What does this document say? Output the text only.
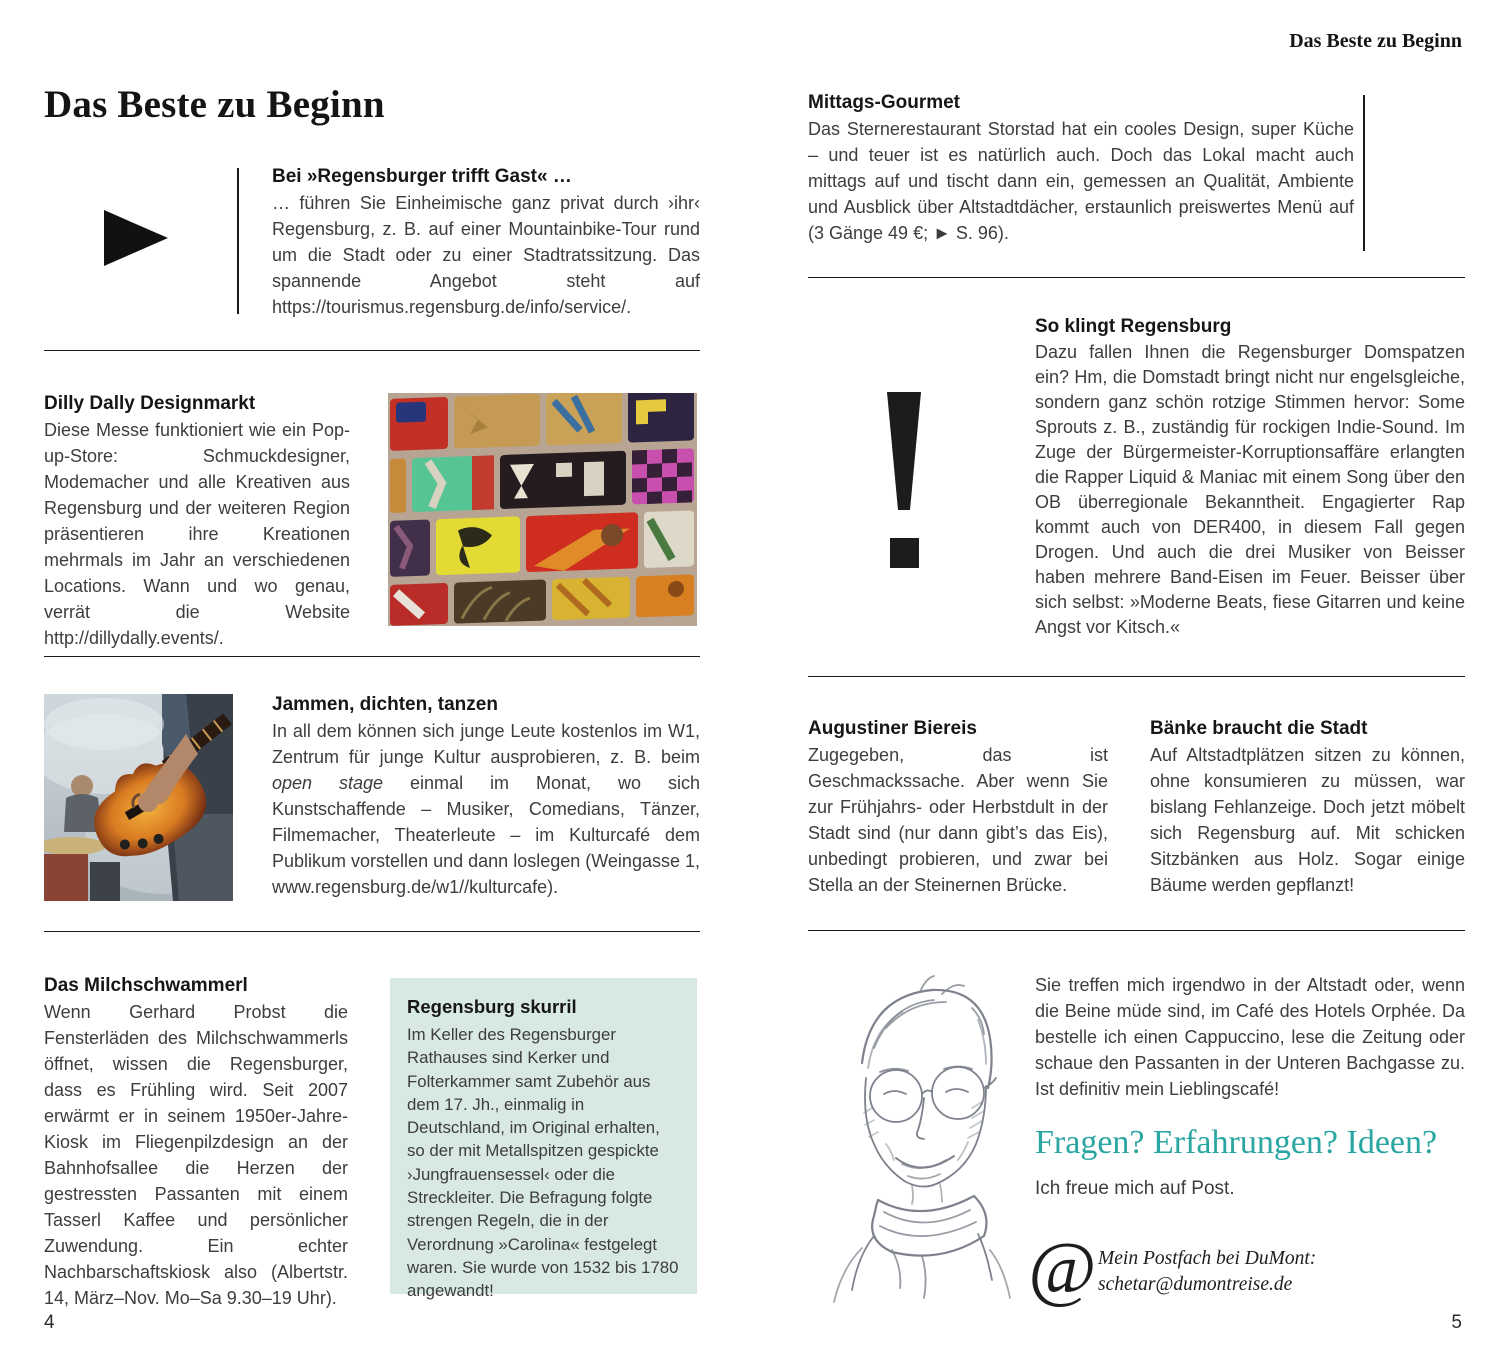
Das Beste zu Beginn
Bei »Regensburger trifft Gast« …

… führen Sie Einheimische ganz privat durch ›ihr‹ Regensburg, z. B. auf einer Mountainbike-Tour rund um die Stadt oder zu einer Stadtratssitzung. Das spannende Angebot steht auf https://tourismus.regensburg.de/info/service/.

Dilly Dally Designmarkt

Diese Messe funktioniert wie ein Pop-up-Store: Schmuckdesigner, Modemacher und alle Kreativen aus Regensburg und der weiteren Region präsentieren ihre Kreationen mehrmals im Jahr an verschiedenen Locations. Wann und wo genau, verrät die Website http://dillydally.events/.

Jammen, dichten, tanzen

In all dem können sich junge Leute kostenlos im W1, Zentrum für junge Kultur ausprobieren, z. B. beim open stage einmal im Monat, wo sich Kunstschaffende – Musiker, Comedians, Tänzer, Filmemacher, Theaterleute – im Kulturcafé dem Publikum vorstellen und dann loslegen (Weingasse 1, www.regensburg.de/w1//kulturcafe).

Das Milchschwammerl

Wenn Gerhard Probst die Fensterläden des Milchschwammerls öffnet, wissen die Regensburger, dass es Frühling wird. Seit 2007 erwärmt er in seinem 1950er-Jahre-Kiosk im Fliegenpilzdesign an der Bahnhofsallee die Herzen der gestressten Passanten mit einem Tasserl Kaffee und persönlicher Zuwendung. Ein echter Nachbarschaftskiosk also (Albertstr. 14, März–Nov. Mo–Sa 9.30–19 Uhr).

Regensburg skurril

Im Keller des Regensburger Rathauses sind Kerker und Folterkammer samt Zubehör aus dem 17. Jh., einmalig in Deutschland, im Original erhalten, so der mit Metallspitzen gespickte ›Jungfrauensessel‹ oder die Streckleiter. Die Befragung folgte strengen Regeln, die in der Verordnung »Carolina« festgelegt waren. Sie wurde von 1532 bis 1780 angewandt!

4
Das Beste zu Beginn
Mittags-Gourmet

Das Sternerestaurant Storstad hat ein cooles Design, super Küche – und teuer ist es natürlich auch. Doch das Lokal macht auch mittags auf und tischt dann ein, gemessen an Qualität, Ambiente und Ausblick über Altstadtdächer, erstaunlich preiswertes Menü auf (3 Gänge 49 €; ► S. 96).

So klingt Regensburg

Dazu fallen Ihnen die Regensburger Domspatzen ein? Hm, die Domstadt bringt nicht nur engelsgleiche, sondern ganz schön rotzige Stimmen hervor: Some Sprouts z. B., zuständig für rockigen Indie-Sound. Im Zuge der Bürgermeister-Korruptionsaffäre erlangten die Rapper Liquid & Maniac mit einem Song über den OB überregionale Bekanntheit. Engagierter Rap kommt auch von DER400, in diesem Fall gegen Drogen. Und auch die drei Musiker von Beisser haben mehrere Band-Eisen im Feuer. Beisser über sich selbst: »Moderne Beats, fiese Gitarren und keine Angst vor Kitsch.«

Augustiner Biereis

Zugegeben, das ist Geschmackssache. Aber wenn Sie zur Frühjahrs- oder Herbstdult in der Stadt sind (nur dann gibt’s das Eis), unbedingt probieren, und zwar bei Stella an der Steinernen Brücke.

Bänke braucht die Stadt

Auf Altstadtplätzen sitzen zu können, ohne konsumieren zu müssen, war bislang Fehlanzeige. Doch jetzt möbelt sich Regensburg auf. Mit schicken Sitzbänken aus Holz. Sogar einige Bäume werden gepflanzt!

Sie treffen mich irgendwo in der Altstadt oder, wenn die Beine müde sind, im Café des Hotels Orphée. Da bestelle ich einen Cappuccino, lese die Zeitung oder schaue den Passanten in der Unteren Bachgasse zu. Ist definitiv mein Lieblingscafé!

Fragen? Erfahrungen? Ideen?
Ich freue mich auf Post.
@ Mein Postfach bei DuMont:
schetar@dumontreise.de
5
